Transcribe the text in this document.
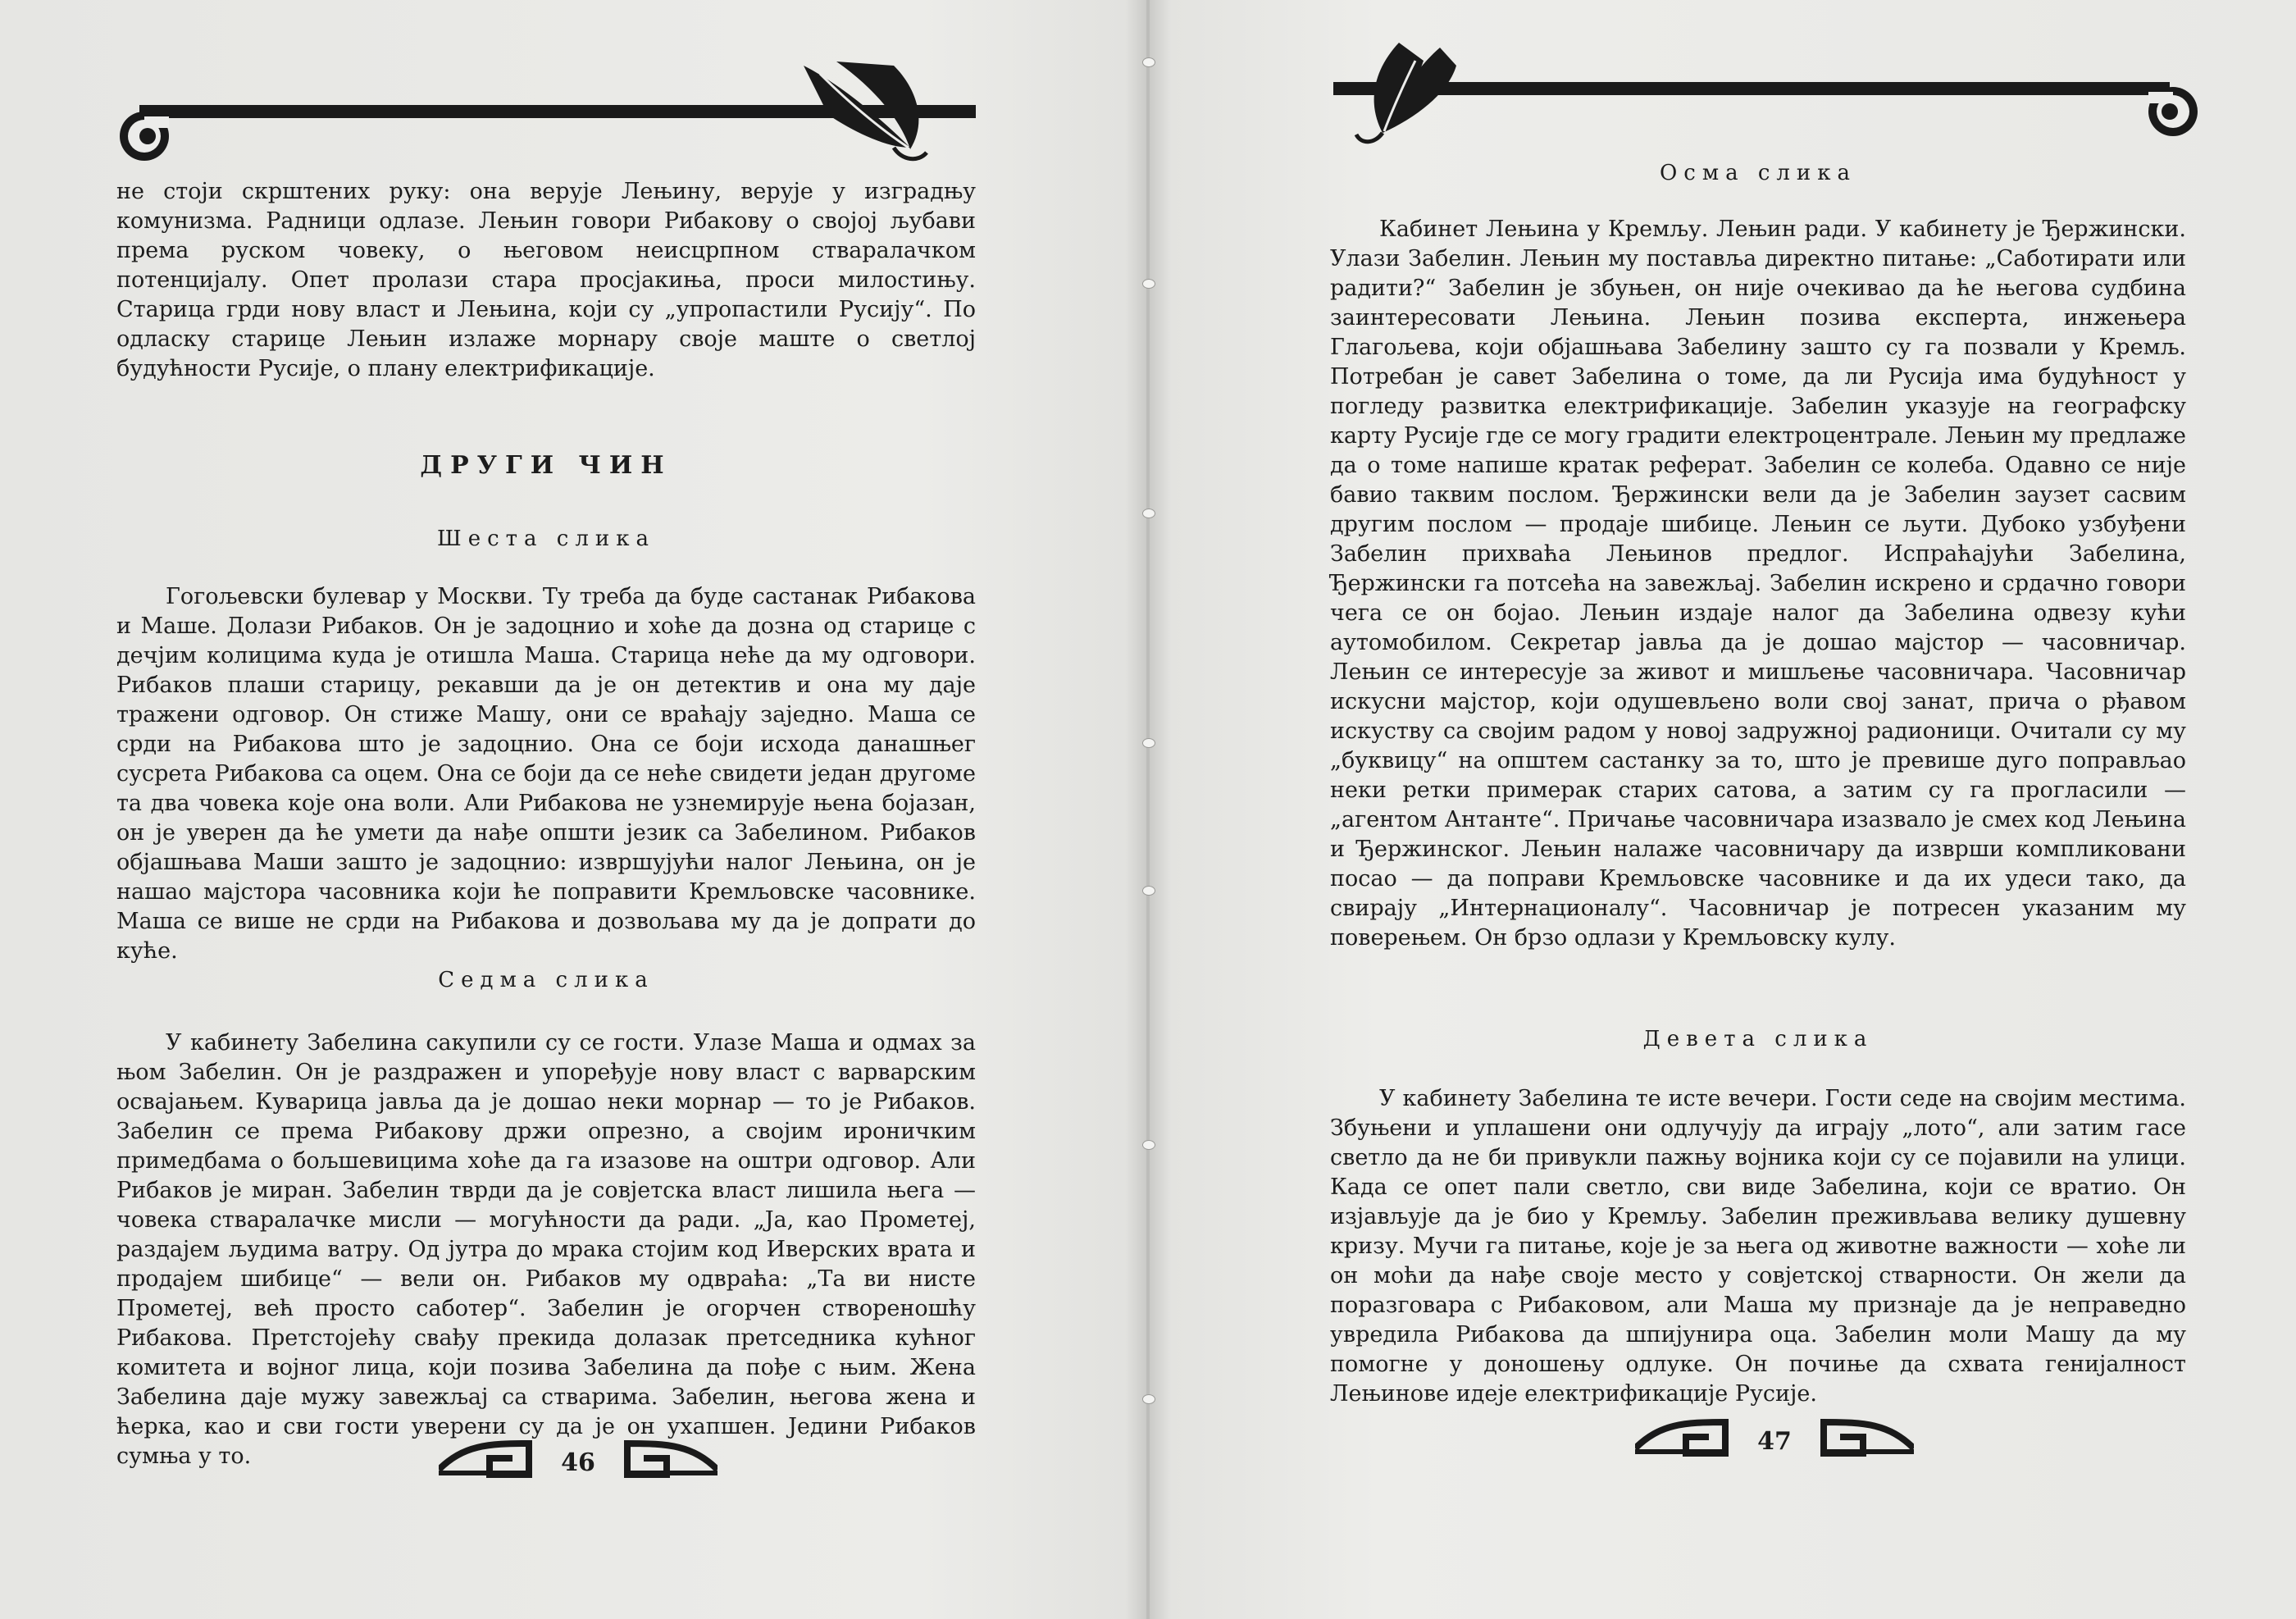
не стоји скрштених руку: она верује Лењину, верује у изградњу комунизма. Радници одлазе. Лењин говори Рибакову о својој љубави према руском човеку, о његовом неисцрпном стваралачком потенцијалу. Опет пролази стара просјакиња, проси милостињу. Старица грди нову власт и Лењина, који су „упропастили Русију“. По одласку старице Лењин излаже морнару своје маште о светлој будућности Русије, о плану електрификације.

ДРУГИ ЧИН
Шеста слика

Гогољевски булевар у Москви. Ту треба да буде састанак Рибакова и Маше. Долази Рибаков. Он је задоцнио и хоће да дозна од старице с дечјим колицима куда је отишла Маша. Старица неће да му одговори. Рибаков плаши старицу, рекавши да је он детектив и она му даје тражени одговор. Он стиже Машу, они се враћају заједно. Маша се срди на Рибакова што је задоцнио. Она се боји исхода данашњег сусрета Рибакова са оцем. Она се боји да се неће свидети један другоме та два човека које она воли. Али Рибакова не узнемирује њена бојазан, он је уверен да ће умети да нађе општи језик са Забелином. Рибаков објашњава Маши зашто је задоцнио: извршујући налог Лењина, он је нашао мајстора часовника који ће поправити Кремљовске часовнике. Маша се више не срди на Рибакова и дозвољава му да је допрати до куће.

Седма слика

У кабинету Забелина сакупили су се гости. Улазе Маша и одмах за њом Забелин. Он је раздражен и упоређује нову власт с варварским освајањем. Куварица јавља да је дошао неки морнар — то је Рибаков. Забелин се према Рибакову држи опрезно, а својим ироничким примедбама о бољшевицима хоће да га изазове на оштри одговор. Али Рибаков је миран. Забелин тврди да је совјетска власт лишила њега — човека стваралачке мисли — могућности да ради. „Ја, као Прометеј, раздајем људима ватру. Од јутра до мрака стојим код Иверских врата и продајем шибице“ — вели он. Рибаков му одвраћа: „Та ви нисте Прометеј, већ просто саботер“. Забелин је огорчен створеношћу Рибакова. Претстојећу свађу прекида долазак претседника кућног комитета и војног лица, који позива Забелина да пође с њим. Жена Забелина даје мужу завежљај са стварима. Забелин, његова жена и ћерка, као и сви гости уверени су да је он ухапшен. Једини Рибаков сумња у то.	46
Осма слика

Кабинет Лењина у Кремљу. Лењин ради. У кабинету је Ђержински. Улази Забелин. Лењин му поставља директно питање: „Саботирати или радити?“ Забелин је збуњен, он није очекивао да ће његова судбина заинтересовати Лењина. Лењин позива експерта, инжењера Глагољева, који објашњава Забелину зашто су га позвали у Кремљ. Потребан је савет Забелина о томе, да ли Русија има будућност у погледу развитка електрификације. Забелин указује на географску карту Русије где се могу градити електроцентрале. Лењин му предлаже да о томе напише кратак реферат. Забелин се колеба. Одавно се није бавио таквим послом. Ђержински вели да је Забелин заузет сасвим другим послом — продаје шибице. Лењин се љути. Дубоко узбуђени Забелин прихваћа Лењинов предлог. Испраћајући Забелина, Ђержински га потсећа на завежљај. Забелин искрено и срдачно говори чега се он бојао. Лењин издаје налог да Забелина одвезу кући аутомобилом. Секретар јавља да је дошао мајстор — часовничар. Лењин се интересује за живот и мишљење часовничара. Часовничар искусни мајстор, који одушевљено воли свој занат, прича о рђавом искуству са својим радом у новој задружној радионици. Очитали су му „буквицу“ на општем састанку за то, што је превише дуго поправљао неки ретки примерак старих сатова, а затим су га прогласили — „агентом Антанте“. Причање часовничара изазвало је смех код Лењина и Ђержинског. Лењин налаже часовничару да изврши компликовани посао — да поправи Кремљовске часовнике и да их удеси тако, да свирају „Интернационалу“. Часовничар је потресен указаним му поверењем. Он брзо одлази у Кремљовску кулу.

Девета слика

У кабинету Забелина те исте вечери. Гости седе на својим местима. Збуњени и уплашени они одлучују да играју „лото“, али затим гасе светло да не би привукли пажњу војника који су се појавили на улици. Када се опет пали светло, сви виде Забелина, који се вратио. Он изјављује да је био у Кремљу. Забелин преживљава велику душевну кризу. Мучи га питање, које је за њега од животне важности — хоће ли он моћи да нађе своје место у совјетској стварности. Он жели да поразговара с Рибаковом, али Маша му признаје да је неправедно увредила Рибакова да шпијунира оца. Забелин моли Машу да му помогне у доношењу одлуке. Он почиње да схвата генијалност Лењинове идеје електрификације Русије.

47
